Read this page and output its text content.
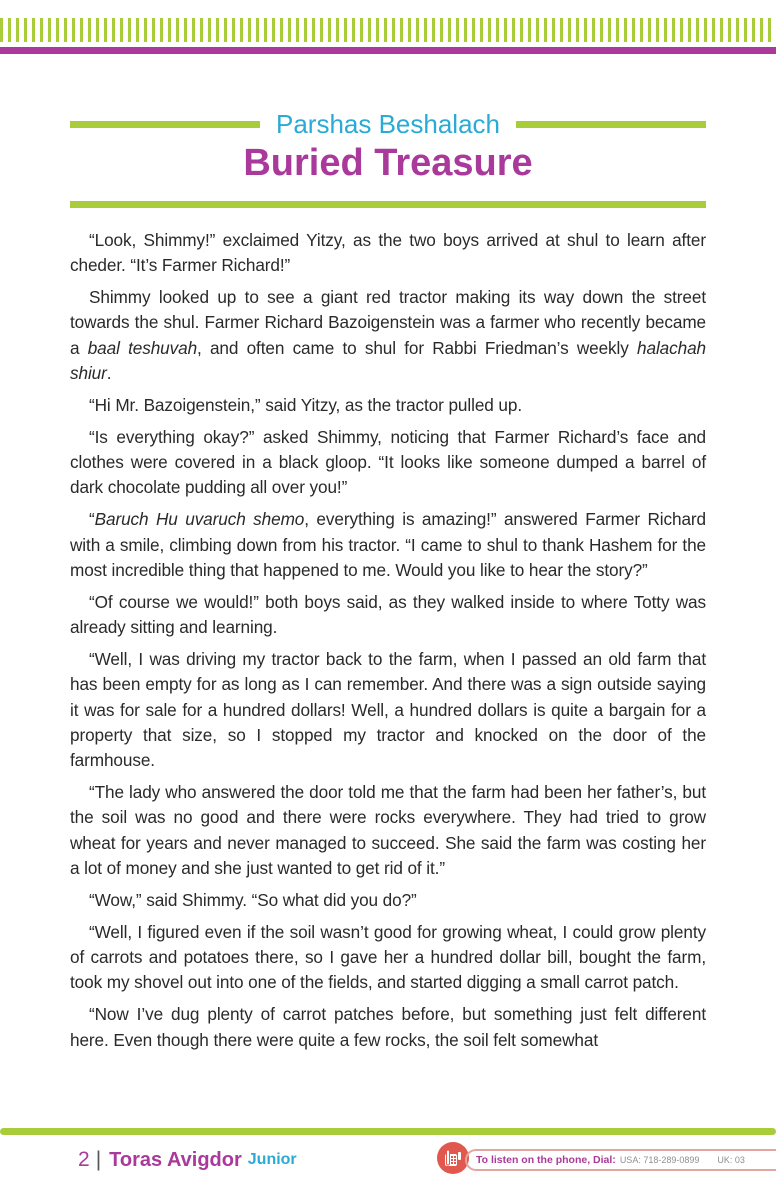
Parshas Beshalach
Buried Treasure

“Look, Shimmy!” exclaimed Yitzy, as the two boys arrived at shul to learn after cheder. “It’s Farmer Richard!”

Shimmy looked up to see a giant red tractor making its way down the street towards the shul. Farmer Richard Bazoigenstein was a farmer who recently became a baal teshuvah, and often came to shul for Rabbi Friedman’s weekly halachah shiur.

“Hi Mr. Bazoigenstein,” said Yitzy, as the tractor pulled up.

“Is everything okay?” asked Shimmy, noticing that Farmer Richard’s face and clothes were covered in a black gloop. “It looks like someone dumped a barrel of dark chocolate pudding all over you!”

“Baruch Hu uvaruch shemo, everything is amazing!” answered Farmer Richard with a smile, climbing down from his tractor. “I came to shul to thank Hashem for the most incredible thing that happened to me. Would you like to hear the story?”

“Of course we would!” both boys said, as they walked inside to where Totty was already sitting and learning.

“Well, I was driving my tractor back to the farm, when I passed an old farm that has been empty for as long as I can remember. And there was a sign outside saying it was for sale for a hundred dollars! Well, a hundred dollars is quite a bargain for a property that size, so I stopped my tractor and knocked on the door of the farmhouse.

“The lady who answered the door told me that the farm had been her father’s, but the soil was no good and there were rocks everywhere. They had tried to grow wheat for years and never managed to succeed. She said the farm was costing her a lot of money and she just wanted to get rid of it.”

“Wow,” said Shimmy. “So what did you do?”

“Well, I figured even if the soil wasn’t good for growing wheat, I could grow plenty of carrots and potatoes there, so I gave her a hundred dollar bill, bought the farm, took my shovel out into one of the fields, and started digging a small carrot patch.

“Now I’ve dug plenty of carrot patches before, but something just felt different here. Even though there were quite a few rocks, the soil felt somewhat

2 | Toras Avigdor Junior	To listen on the phone, Dial: USA: 718-289-0899 UK: 03
